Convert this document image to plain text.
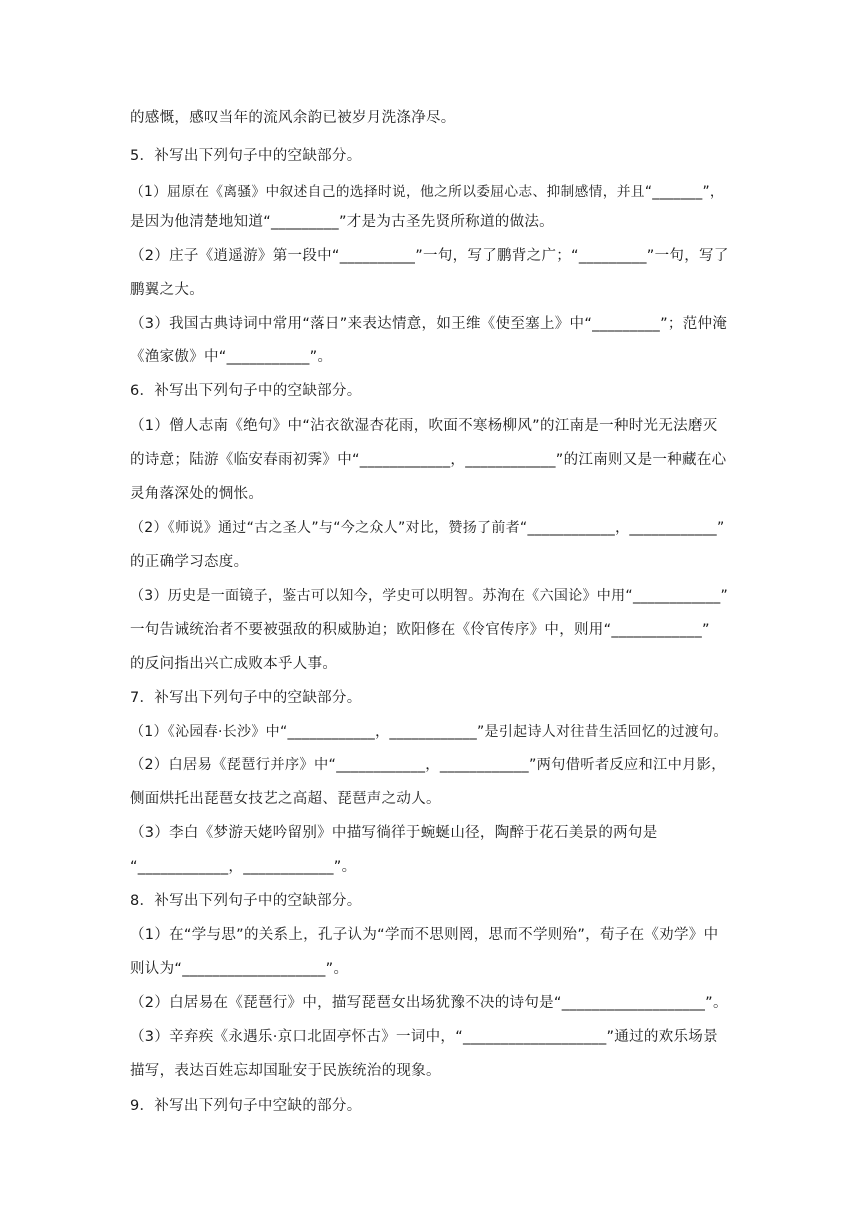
的感慨，感叹当年的流风余韵已被岁月洗涤净尽。
5．补写出下列句子中的空缺部分。
（1）屈原在《离骚》中叙述自己的选择时说，他之所以委屈心志、抑制感情，并且“_______”，
是因为他清楚地知道“_________”才是为古圣先贤所称道的做法。
（2）庄子《逍遥游》第一段中“__________”一句，写了鹏背之广；“_________”一句，写了
鹏翼之大。
（3）我国古典诗词中常用“落日”来表达情意，如王维《使至塞上》中“_________”；范仲淹
《渔家傲》中“___________”。
6．补写出下列句子中的空缺部分。
（1）僧人志南《绝句》中“沾衣欲湿杏花雨，吹面不寒杨柳风”的江南是一种时光无法磨灭
的诗意；陆游《临安春雨初霁》中“____________，____________”的江南则又是一种藏在心
灵角落深处的惆怅。
（2）《师说》通过“古之圣人”与“今之众人”对比，赞扬了前者“____________，____________”
的正确学习态度。
（3）历史是一面镜子，鉴古可以知今，学史可以明智。苏洵在《六国论》中用“____________”
一句告诫统治者不要被强敌的积威胁迫；欧阳修在《伶官传序》中，则用“____________”
的反问指出兴亡成败本乎人事。
7．补写出下列句子中的空缺部分。
（1）《沁园春·长沙》中“____________，____________”是引起诗人对往昔生活回忆的过渡句。
（2）白居易《琵琶行并序》中“____________，____________”两句借听者反应和江中月影，
侧面烘托出琵琶女技艺之高超、琵琶声之动人。
（3）李白《梦游天姥吟留别》中描写徜徉于蜿蜒山径，陶醉于花石美景的两句是
“____________，____________”。
8．补写出下列句子中的空缺部分。
（1）在“学与思”的关系上，孔子认为“学而不思则罔，思而不学则殆”，荀子在《劝学》中
则认为“___________________”。
（2）白居易在《琵琶行》中，描写琵琶女出场犹豫不决的诗句是“___________________”。
（3）辛弃疾《永遇乐·京口北固亭怀古》一词中，“___________________”通过的欢乐场景
描写，表达百姓忘却国耻安于民族统治的现象。
9．补写出下列句子中空缺的部分。
